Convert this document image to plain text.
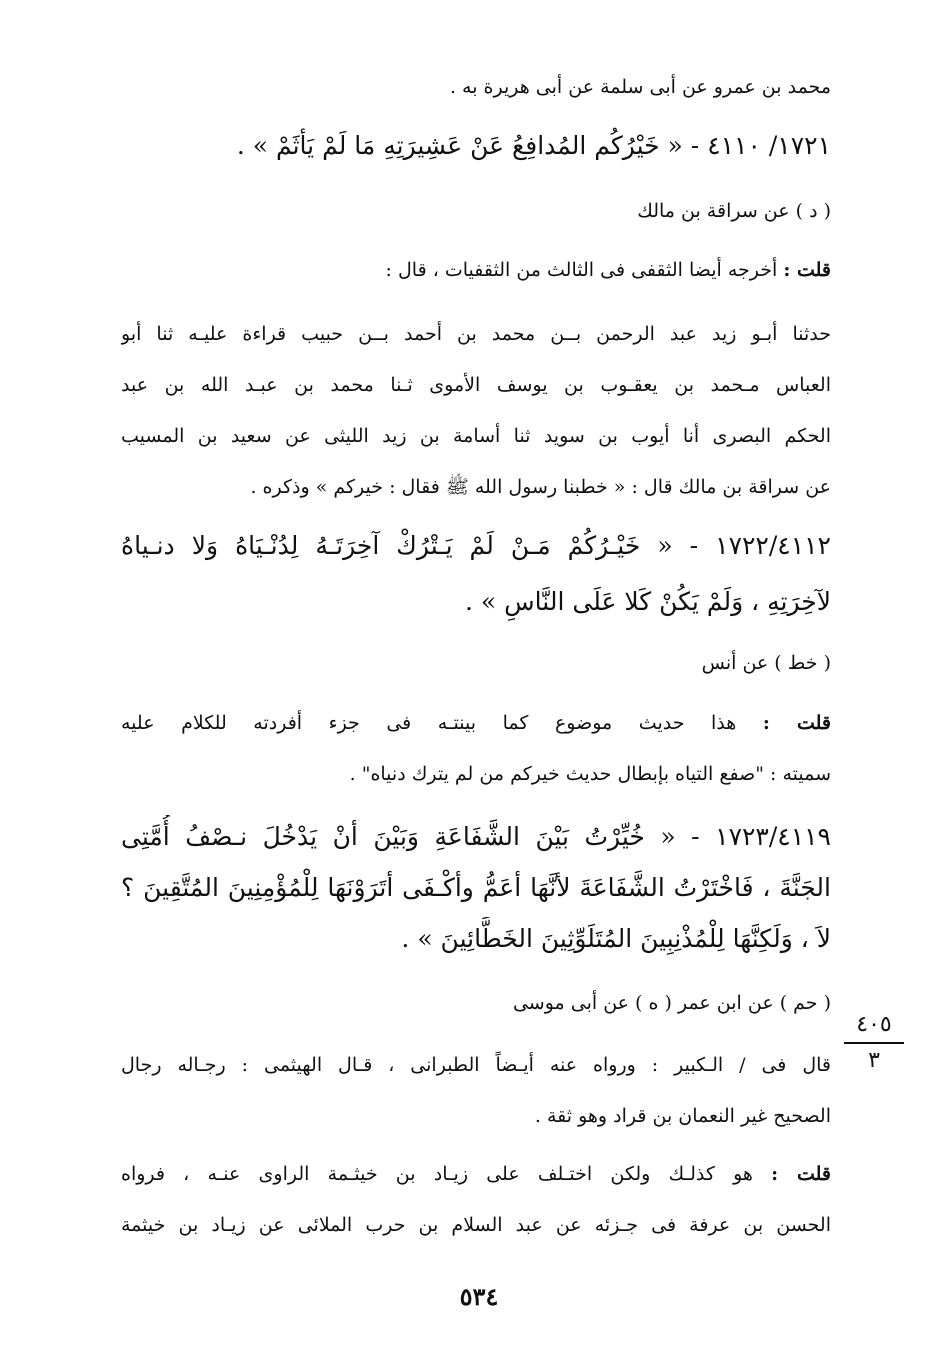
محمد بن عمرو عن أبى سلمة عن أبى هريرة به .
١٧٢١/ ٤١١٠ - « خَيْرُكُم المُدافِعُ عَنْ عَشِيرَتِهِ مَا لَمْ يَأثَمْ » .
( د ) عن سراقة بن مالك
قلت : أخرجه أيضا الثقفى فى الثالث من الثقفيات ، قال :
حدثنا أبـو زيد عبد الرحمن بــن محمد بن أحمد بــن حبيب قراءة عليـه ثنا أبو
العباس مـحمد بن يعقـوب بن يوسف الأموى ثـنا محمد بن عبـد الله بن عبد
الحكم البصرى أنا أيوب بن سويد ثنا أسامة بن زيد الليثى عن سعيد بن المسيب
عن سراقة بن مالك قال : « خطبنا رسول الله ﷺ فقال : خيركم » وذكره .
١٧٢٢/٤١١٢ - « خَيْـرُكُمْ مَـنْ لَمْ يَـتْرُكْ آخِرَتَـهُ لِدُنْـيَاهُ وَلا دنـياهُ
لآخِرَتِهِ ، وَلَمْ يَكُنْ كَلا عَلَى النَّاسِ » .
( خط ) عن أنس
قلت : هذا حديث موضوع كما بينتـه فى جزء أفردته للكلام عليه
سميته : "صفع التياه بإبطال حديث خيركم من لم يترك دنياه" .
١٧٢٣/٤١١٩ - « خُيِّرْتُ بَيْنَ الشَّفَاعَةِ وَبَيْنَ أنْ يَدْخُلَ نـصْفُ أُمَّتِى
الجَنَّةَ ، فَاخْتَرْتُ الشَّفَاعَةَ لأنَّهَا أعَمُّ وأكْـفَى أتَرَوْنَهَا لِلْمُؤْمِنِينَ المُتَّقِينَ ؟
لاَ ، وَلَكِنَّهَا لِلْمُذْنِبِينَ المُتَلَوِّثِينَ الخَطَّائِينَ » .
( حم ) عن ابن عمر ( ه ) عن أبى موسى
قال فى / الـكبير : ورواه عنه أيـضاً الطبرانى ، قـال الهيثمى : رجـاله رجال
الصحيح غير النعمان بن قراد وهو ثقة .
قلت : هو كذلـك ولكن اختـلف على زيـاد بن خيثـمة الراوى عنـه ، فرواه
الحسن بن عرفة فى جـزئه عن عبد السلام بن حرب الملائى عن زيـاد بن خيثمة
٤٠٥
٣
٥٣٤
